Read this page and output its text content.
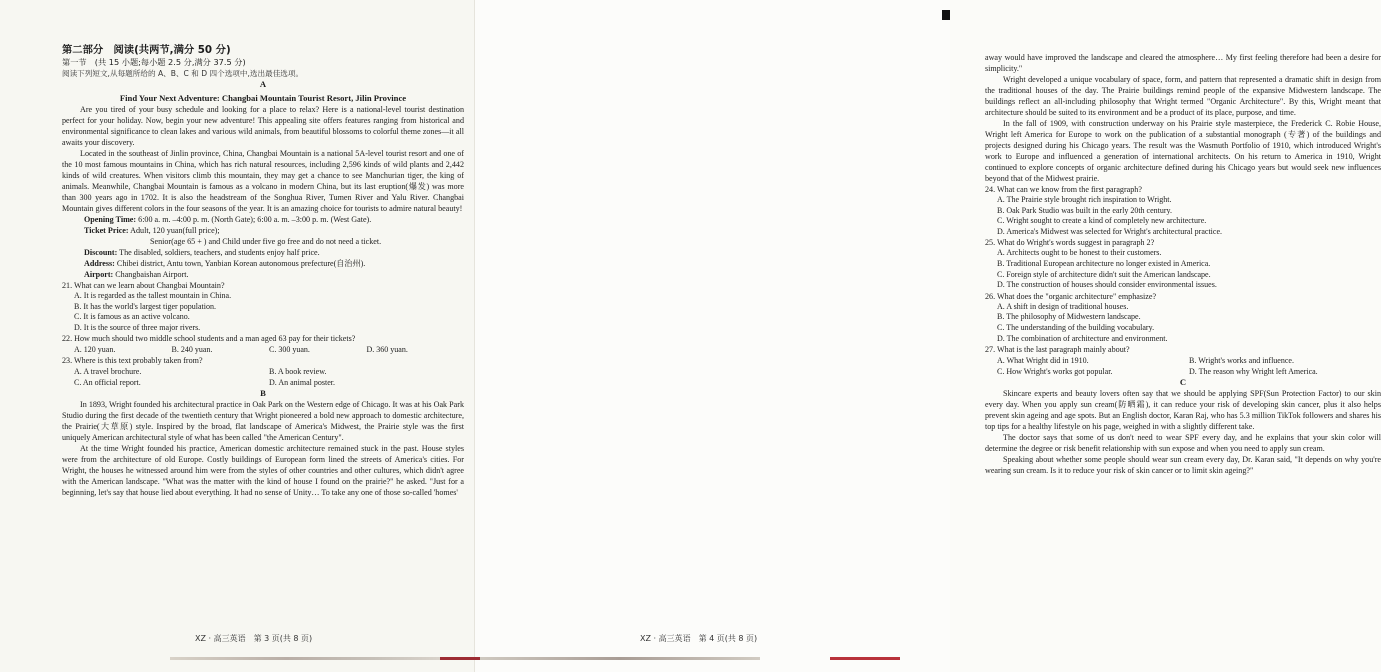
第二部分　阅读(共两节,满分 50 分)
第一节　(共 15 小题;每小题 2.5 分,满分 37.5 分)
阅读下列短文,从每题所给的 A、B、C 和 D 四个选项中,选出最佳选项。
A
Find Your Next Adventure: Changbai Mountain Tourist Resort, Jilin Province

Are you tired of your busy schedule and looking for a place to relax? Here is a national-level tourist destination perfect for your holiday. Now, begin your new adventure! This appealing site offers features ranging from historical and environmental significance to clean lakes and various wild animals, from beautiful blossoms to colorful theme zones—it all awaits your discovery.

Located in the southeast of Jinlin province, China, Changbai Mountain is a national 5A-level tourist resort and one of the 10 most famous mountains in China, which has rich natural resources, including 2,596 kinds of wild plants and 2,442 kinds of wild creatures. When visitors climb this mountain, they may get a chance to see Manchurian tiger, the king of animals. Meanwhile, Changbai Mountain is famous as a volcano in modern China, but its last eruption(爆发) was more than 300 years ago in 1702. It is also the headstream of the Songhua River, Tumen River and Yalu River. Changbai Mountain gives different colors in the four seasons of the year. It is an amazing choice for tourists to admire natural beauty!

Opening Time: 6:00 a. m. –4:00 p. m. (North Gate); 6:00 a. m. –3:00 p. m. (West Gate).

Ticket Price: Adult, 120 yuan(full price);

Senior(age 65 + ) and Child under five go free and do not need a ticket.

Discount: The disabled, soldiers, teachers, and students enjoy half price.

Address: Chibei district, Antu town, Yanbian Korean autonomous prefecture(自治州).

Airport: Changbaishan Airport.

21. What can we learn about Changbai Mountain?
A. It is regarded as the tallest mountain in China.
B. It has the world's largest tiger population.
C. It is famous as an active volcano.
D. It is the source of three major rivers.
22. How much should two middle school students and a man aged 63 pay for their tickets?
A. 120 yuan.	B. 240 yuan.	C. 300 yuan.	D. 360 yuan.
23. Where is this text probably taken from?
A. A travel brochure.	B. A book review.
C. An official report.	D. An animal poster.
B

In 1893, Wright founded his architectural practice in Oak Park on the Western edge of Chicago. It was at his Oak Park Studio during the first decade of the twentieth century that Wright pioneered a bold new approach to domestic architecture, the Prairie(大草原) style. Inspired by the broad, flat landscape of America's Midwest, the Prairie style was the first uniquely American architectural style of what has been called "the American Century".

At the time Wright founded his practice, American domestic architecture remained stuck in the past. House styles were from the architecture of old Europe. Costly buildings of European form lined the streets of America's cities. For Wright, the houses he witnessed around him were from the styles of other countries and other cultures, which didn't agree with the American landscape. "What was the matter with the kind of house I found on the prairie?" he asked. "Just for a beginning, let's say that house lied about everything. It had no sense of Unity… To take any one of those so-called 'homes'

XZ · 高三英语　第 3 页(共 8 页)

away would have improved the landscape and cleared the atmosphere… My first feeling therefore had been a desire for simplicity."

Wright developed a unique vocabulary of space, form, and pattern that represented a dramatic shift in design from the traditional houses of the day. The Prairie buildings remind people of the expansive Midwestern landscape. The buildings reflect an all-including philosophy that Wright termed "Organic Architecture". By this, Wright meant that architecture should be suited to its environment and be a product of its place, purpose, and time.

In the fall of 1909, with construction underway on his Prairie style masterpiece, the Frederick C. Robie House, Wright left America for Europe to work on the publication of a substantial monograph (专著) of the buildings and projects designed during his Chicago years. The result was the Wasmuth Portfolio of 1910, which introduced Wright's work to Europe and influenced a generation of international architects. On his return to America in 1910, Wright continued to explore concepts of organic architecture defined during his Chicago years but would seek new influences beyond that of the Midwest prairie.

24. What can we know from the first paragraph?
A. The Prairie style brought rich inspiration to Wright.
B. Oak Park Studio was built in the early 20th century.
C. Wright sought to create a kind of completely new architecture.
D. America's Midwest was selected for Wright's architectural practice.
25. What do Wright's words suggest in paragraph 2?
A. Architects ought to be honest to their customers.
B. Traditional European architecture no longer existed in America.
C. Foreign style of architecture didn't suit the American landscape.
D. The construction of houses should consider environmental issues.
26. What does the "organic architecture" emphasize?
A. A shift in design of traditional houses.
B. The philosophy of Midwestern landscape.
C. The understanding of the building vocabulary.
D. The combination of architecture and environment.
27. What is the last paragraph mainly about?
A. What Wright did in 1910.	B. Wright's works and influence.
C. How Wright's works got popular.	D. The reason why Wright left America.
C

Skincare experts and beauty lovers often say that we should be applying SPF(Sun Protection Factor) to our skin every day. When you apply sun cream(防晒霜), it can reduce your risk of developing skin cancer, plus it also helps prevent skin ageing and age spots. But an English doctor, Karan Raj, who has 5.3 million TikTok followers and shares his top tips for a healthy lifestyle on his page, weighed in with a slightly different take.

The doctor says that some of us don't need to wear SPF every day, and he explains that your skin color will determine the degree or risk benefit relationship with sun expose and when you need to apply sun cream.

Speaking about whether some people should wear sun cream every day, Dr. Karan said, "It depends on why you're wearing sun cream. Is it to reduce your risk of skin cancer or to limit skin ageing?"

XZ · 高三英语　第 4 页(共 8 页)
